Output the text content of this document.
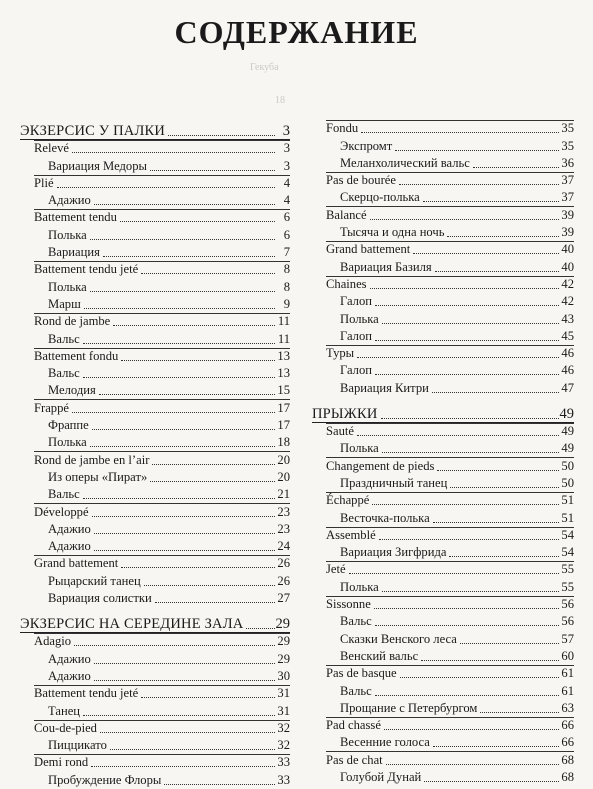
СОДЕРЖАНИЕ
Гекуба
18
ЭКЗЕРСИС У ПАЛКИ	3
Relevé	3
Вариация Медоры	3
Plié	4
Адажио	4
Battement tendu	6
Полька	6
Вариация	7
Battement tendu jeté	8
Полька	8
Марш	9
Rond de jambe	11
Вальс	11
Battement fondu	13
Вальс	13
Мелодия	15
Frappé	17
Фраппе	17
Полька	18
Rond de jambe en l’air	20
Из оперы «Пират»	20
Вальс	21
Développé	23
Адажио	23
Адажио	24
Grand battement	26
Рыцарский танец	26
Вариация солистки	27
ЭКЗЕРСИС НА СЕРЕДИНЕ ЗАЛА 29
Adagio	29
Адажио	29
Адажио	30
Battement tendu jeté	31
Танец	31
Cou-de-pied	32
Пиццикато	32
Demi rond	33
Пробуждение Флоры	33
Fondu	35
Экспромт	35
Меланхолический вальс	36
Pas de bourée	37
Скерцо-полька	37
Balancé	39
Тысяча и одна ночь	39
Grand battement	40
Вариация Базиля	40
Chaines	42
Галоп	42
Полька	43
Галоп	45
Туры	46
Галоп	46
Вариация Китри	47
ПРЫЖКИ	49
Sauté	49
Полька	49
Changement de pieds	50
Праздничный танец	50
Échappé	51
Весточка-полька	51
Assemblé	54
Вариация Зигфрида	54
Jeté	55
Полька	55
Sissonne	56
Вальс	56
Сказки Венского леса	57
Венский вальс	60
Pas de basque	61
Вальс	61
Прощание с Петербургом	63
Pad chassé	66
Весенние голоса	66
Pas de chat	68
Голубой Дунай	68
